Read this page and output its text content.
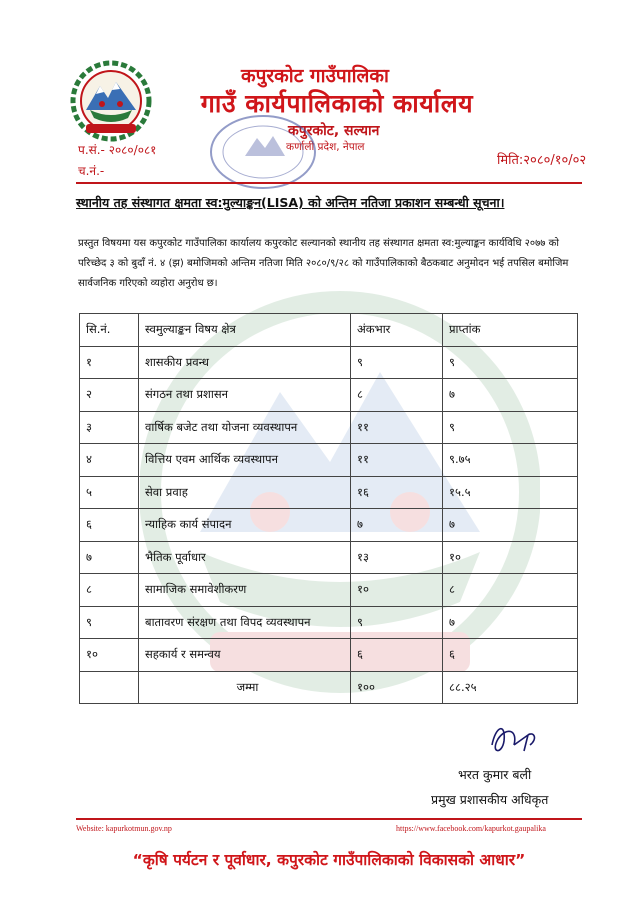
कपुरकोट गाउँपालिका
गाउँ कार्यपालिकाको कार्यालय
कपुरकोट, सल्यान
कर्णाली प्रदेश, नेपाल
प.सं.- २०८०/०८१
च.नं.-
मिति:२०८०/१०/०२
स्थानीय तह संस्थागत क्षमता स्व:मुल्याङ्कन(LISA) को अन्तिम नतिजा प्रकाशन सम्बन्धी सूचना।
प्रस्तुत विषयमा यस कपुरकोट गाउँपालिका कार्यालय कपुरकोट सल्यानको स्थानीय तह संस्थागत क्षमता स्व:मुल्याङ्कन कार्यविधि २०७७ को परिच्छेद ३ को बुदाँ नं. ४ (झ) बमोजिमको अन्तिम नतिजा मिति २०८०/९/२८ को गाउँपालिकाको बैठकबाट अनुमोदन भई तपसिल बमोजिम सार्वजनिक गरिएको व्यहोरा अनुरोध छ।
सि.नं.	स्वमुल्याङ्कन विषय क्षेत्र	अंकभार	प्राप्तांक
१	शासकीय प्रवन्ध	९	९
२	संगठन तथा प्रशासन	८	७
३	वार्षिक बजेट तथा योजना व्यवस्थापन	११	९
४	वित्तिय एवम आर्थिक व्यवस्थापन	११	९.७५
५	सेवा प्रवाह	१६	१५.५
६	न्याहिक कार्य संपादन	७	७
७	भैतिक पूर्वाधार	१३	१०
८	सामाजिक समावेशीकरण	१०	८
९	बातावरण संरक्षण तथा विपद व्यवस्थापन	९	७
१०	सहकार्य र समन्वय	६	६
	जम्मा	१००	८८.२५
भरत कुमार बली
प्रमुख प्रशासकीय अधिकृत
Website: kapurkotmun.gov.np	https://www.facebook.com/kapurkot.gaupalika
“कृषि पर्यटन र पूर्वाधार, कपुरकोट गाउँपालिकाको विकासको आधार”
